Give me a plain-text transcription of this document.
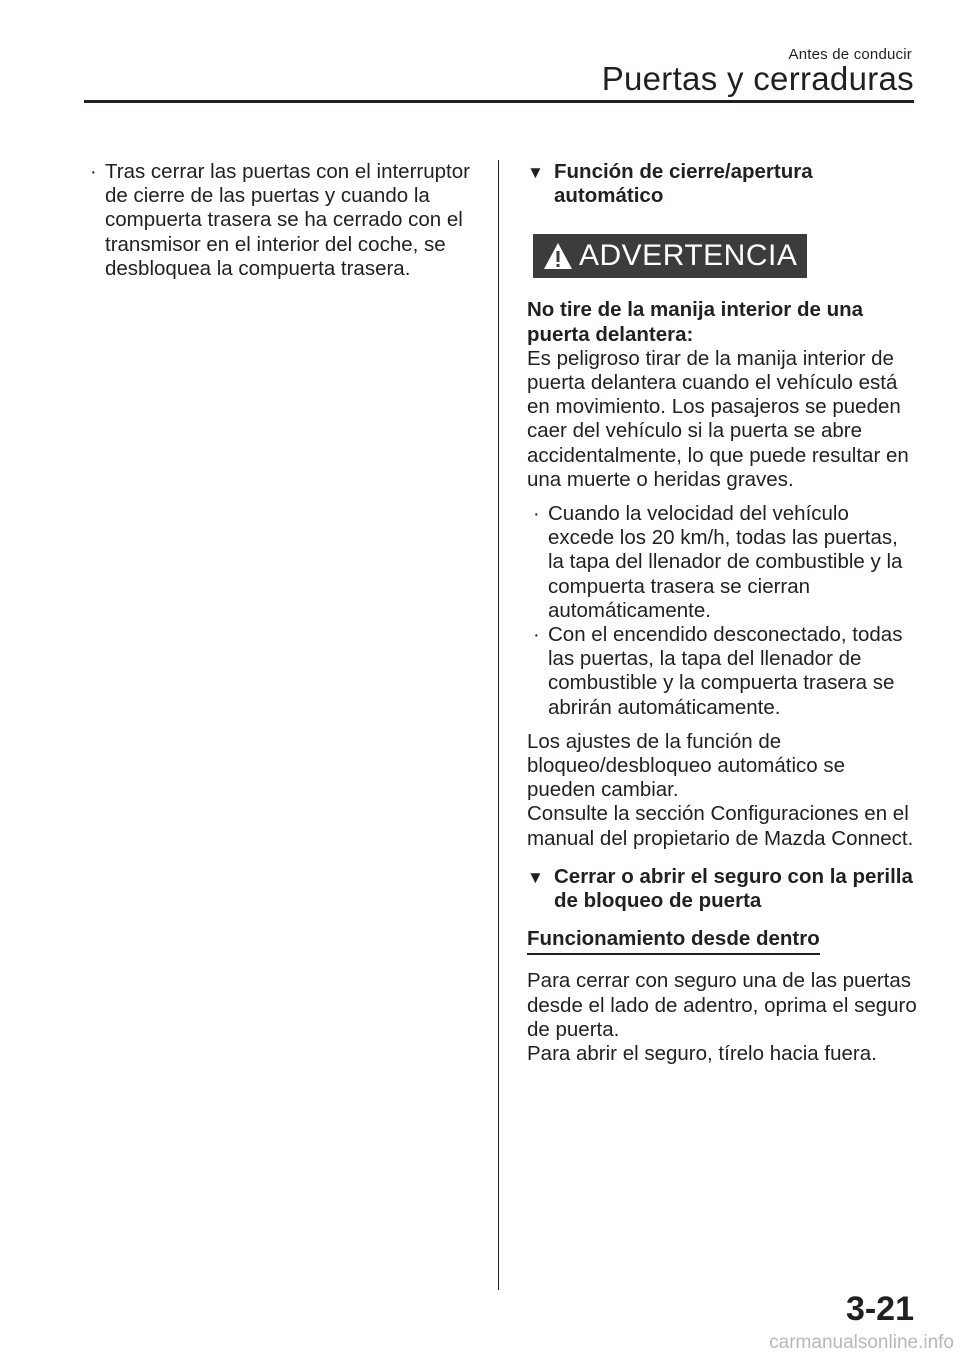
Antes de conducir
Puertas y cerraduras
· Tras cerrar las puertas con el interruptor de cierre de las puertas y cuando la compuerta trasera se ha cerrado con el transmisor en el interior del coche, se desbloquea la compuerta trasera.
▼ Función de cierre/apertura automático
ADVERTENCIA

No tire de la manija interior de una puerta delantera:

Es peligroso tirar de la manija interior de puerta delantera cuando el vehículo está en movimiento. Los pasajeros se pueden caer del vehículo si la puerta se abre accidentalmente, lo que puede resultar en una muerte o heridas graves.

· Cuando la velocidad del vehículo excede los 20 km/h, todas las puertas, la tapa del llenador de combustible y la compuerta trasera se cierran automáticamente.
· Con el encendido desconectado, todas las puertas, la tapa del llenador de combustible y la compuerta trasera se abrirán automáticamente.

Los ajustes de la función de bloqueo/desbloqueo automático se pueden cambiar.

Consulte la sección Configuraciones en el manual del propietario de Mazda Connect.

▼ Cerrar o abrir el seguro con la perilla de bloqueo de puerta
Funcionamiento desde dentro

Para cerrar con seguro una de las puertas desde el lado de adentro, oprima el seguro de puerta.

Para abrir el seguro, tírelo hacia fuera.

3-21
carmanualsonline.info
